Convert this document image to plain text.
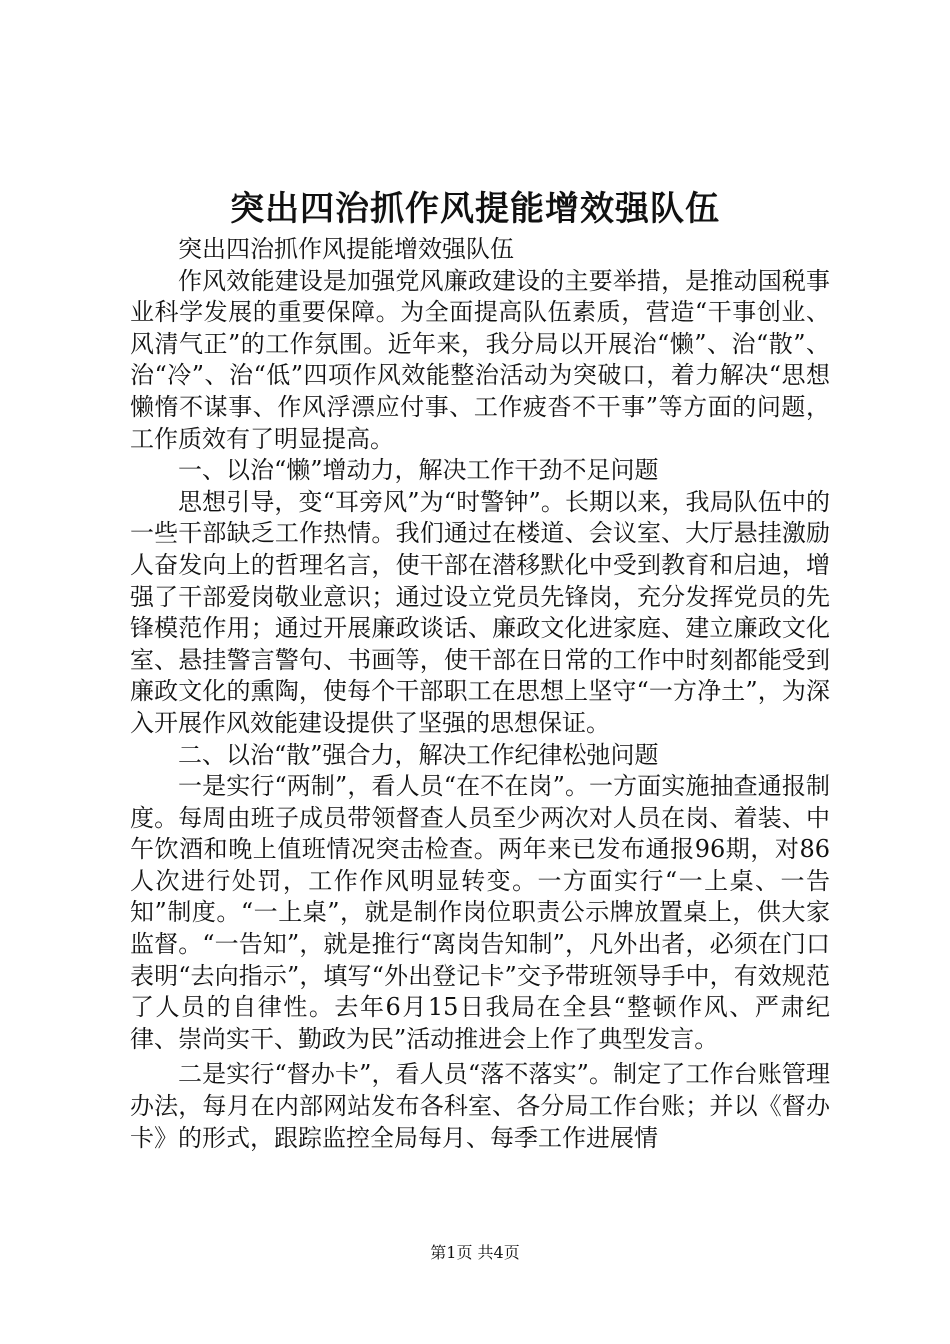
突出四治抓作风提能增效强队伍

突出四治抓作风提能增效强队伍

作风效能建设是加强党风廉政建设的主要举措，是推动国税事业科学发展的重要保障。为全面提高队伍素质，营造“干事创业、风清气正”的工作氛围。近年来，我分局以开展治“懒”、治“散”、治“冷”、治“低”四项作风效能整治活动为突破口，着力解决“思想懒惰不谋事、作风浮漂应付事、工作疲沓不干事”等方面的问题，工作质效有了明显提高。

一、以治“懒”增动力，解决工作干劲不足问题

思想引导，变“耳旁风”为“时警钟”。长期以来，我局队伍中的一些干部缺乏工作热情。我们通过在楼道、会议室、大厅悬挂激励人奋发向上的哲理名言，使干部在潜移默化中受到教育和启迪，增强了干部爱岗敬业意识；通过设立党员先锋岗，充分发挥党员的先锋模范作用；通过开展廉政谈话、廉政文化进家庭、建立廉政文化室、悬挂警言警句、书画等，使干部在日常的工作中时刻都能受到廉政文化的熏陶，使每个干部职工在思想上坚守“一方净土”，为深入开展作风效能建设提供了坚强的思想保证。

二、以治“散”强合力，解决工作纪律松弛问题

一是实行“两制”，看人员“在不在岗”。一方面实施抽查通报制度。每周由班子成员带领督查人员至少两次对人员在岗、着装、中午饮酒和晚上值班情况突击检查。两年来已发布通报96期，对86人次进行处罚，工作作风明显转变。一方面实行“一上桌、一告知”制度。“一上桌”，就是制作岗位职责公示牌放置桌上，供大家监督。“一告知”，就是推行“离岗告知制”，凡外出者，必须在门口表明“去向指示”，填写“外出登记卡”交予带班领导手中，有效规范了人员的自律性。去年6月15日我局在全县“整顿作风、严肃纪律、崇尚实干、勤政为民”活动推进会上作了典型发言。

二是实行“督办卡”，看人员“落不落实”。制定了工作台账管理办法，每月在内部网站发布各科室、各分局工作台账；并以《督办卡》的形式，跟踪监控全局每月、每季工作进展情

第1页 共4页
